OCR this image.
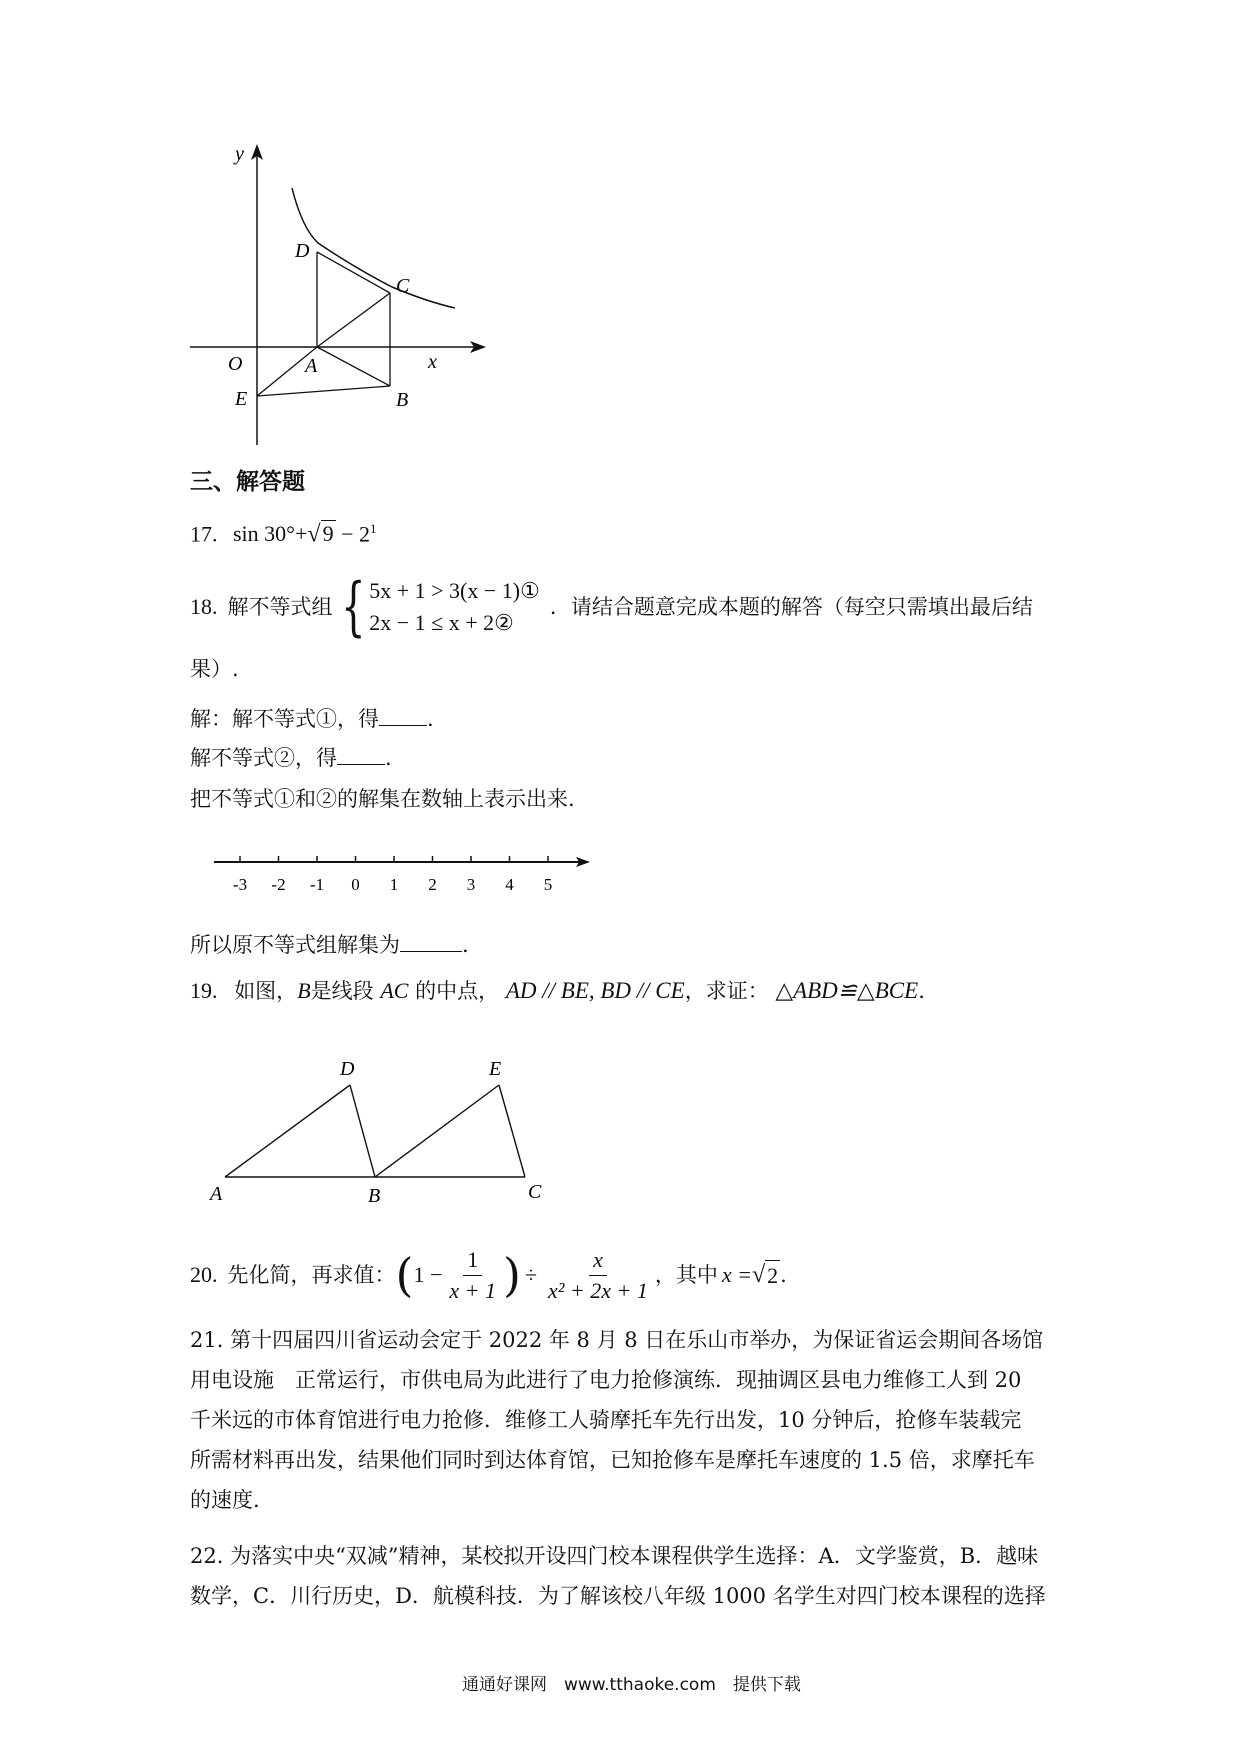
y
x
O
D
C
A
B
E
三、解答题
17. $\sin 30^\circ+√9 - 2^1$
18. 解不等式组 { 5x + 1 > 3(x − 1)①
2x − 1 ≤ x + 2②
．请结合题意完成本题的解答（每空只需填出最后结
果）.
解：解不等式①，得 .
解不等式②，得 .
把不等式①和②的解集在数轴上表示出来.
-3 -2 -1 0 1 2 3 4 5
所以原不等式组解集为	.
19. 如图，B是线段 AC 的中点， AD // BE, BD // CE，求证： △ABD≌△BCE.
A	B	C
D	E
20. 先化简，再求值： ( $1 - \frac{1}{x + 1}$ ) ÷ $\frac{x}{\text{x² + 2x + 1}}$ ，其中 x = √ 2 .
21. 第十四届四川省运动会定于 2022 年 8 月 8 日在乐山市举办，为保证省运会期间各场馆
用电设施　正常运行，市供电局为此进行了电力抢修演练．现抽调区县电力维修工人到 20
千米远的市体育馆进行电力抢修．维修工人骑摩托车先行出发，10 分钟后，抢修车装载完
所需材料再出发，结果他们同时到达体育馆，已知抢修车是摩托车速度的 1.5 倍，求摩托车
的速度.
22. 为落实中央“双减”精神，某校拟开设四门校本课程供学生选择：A．文学鉴赏，B．越味
数学，C．川行历史，D．航模科技．为了解该校八年级 1000 名学生对四门校本课程的选择
通通好课网　www.tthaoke.com　提供下载
